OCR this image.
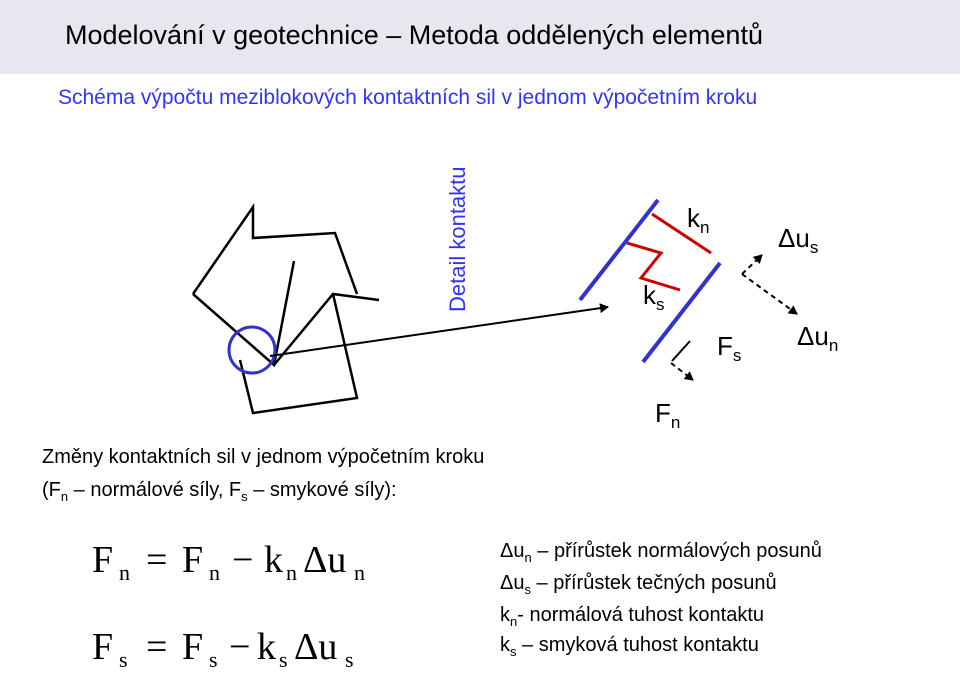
Modelování v geotechnice – Metoda oddělených elementů
Schéma výpočtu meziblokových kontaktních sil v jednom výpočetním kroku
Detail kontaktu	kn
ks
Δus
Fs
Δun
Fn
Změny kontaktních sil v jednom výpočetním kroku
($F_n$ – normálové síly, $F_s$ – smykové síly):
F n = F n − k n Δu n
F s = F s − k s Δu s
$\Delta u_n$ – přírůstek normálových posunů
$\Delta u_s$ – přírůstek tečných posunů
$k_n-$ normálová tuhost kontaktu
$k_s$ – smyková tuhost kontaktu
